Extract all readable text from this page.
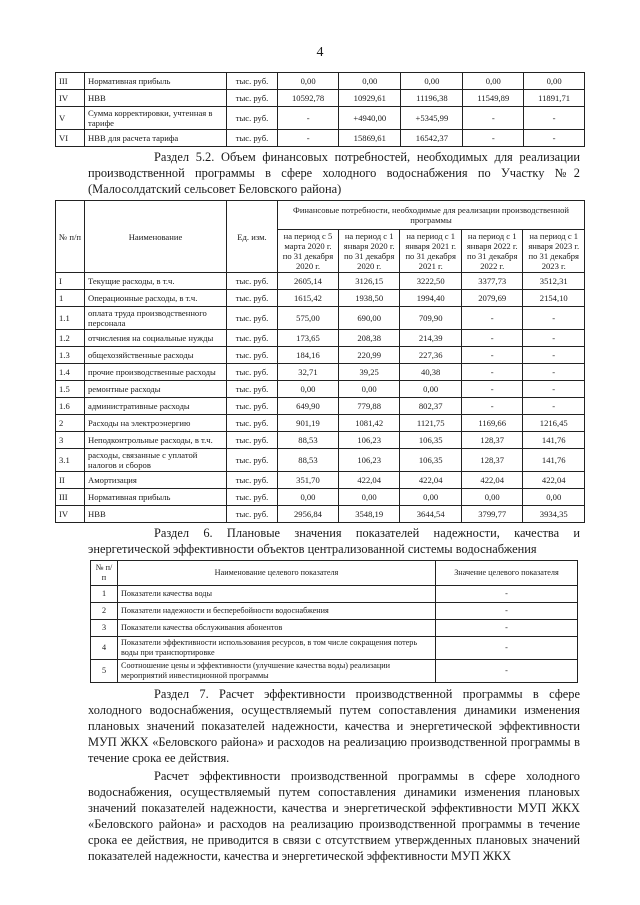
4
III	Нормативная прибыль	тыс. руб.	0,00	0,00	0,00	0,00	0,00
IV	НВВ	тыс. руб.	10592,78	10929,61	11196,38	11549,89	11891,71
V	Сумма корректировки, учтенная в тарифе	тыс. руб.	-	+4940,00	+5345,99	-	-
VI	НВВ для расчета тарифа	тыс. руб.	-	15869,61	16542,37	-	-
Раздел 5.2. Объем финансовых потребностей, необходимых для реализации производственной программы в сфере холодного водоснабжения по Участку №2 (Малосолдатский сельсовет Беловского района)
№ п/п	Наименование	Ед. изм.	Финансовые потребности, необходимые для реализации производственной программы				
			на период с 5 марта 2020 г. по 31 декабря 2020 г.	на период с 1 января 2020 г. по 31 декабря 2020 г.	на период с 1 января 2021 г. по 31 декабря 2021 г.	на период с 1 января 2022 г. по 31 декабря 2022 г.	на период с 1 января 2023 г. по 31 декабря 2023 г.
I	Текущие расходы, в т.ч.	тыс. руб.	2605,14	3126,15	3222,50	3377,73	3512,31
1	Операционные расходы, в т.ч.	тыс. руб.	1615,42	1938,50	1994,40	2079,69	2154,10
1.1	оплата труда производственного персонала	тыс. руб.	575,00	690,00	709,90	-	-
1.2	отчисления на социальные нужды	тыс. руб.	173,65	208,38	214,39	-	-
1.3	общехозяйственные расходы	тыс. руб.	184,16	220,99	227,36	-	-
1.4	прочие производственные расходы	тыс. руб.	32,71	39,25	40,38	-	-
1.5	ремонтные расходы	тыс. руб.	0,00	0,00	0,00	-	-
1.6	административные расходы	тыс. руб.	649,90	779,88	802,37	-	-
2	Расходы на электроэнергию	тыс. руб.	901,19	1081,42	1121,75	1169,66	1216,45
3	Неподконтрольные расходы, в т.ч.	тыс. руб.	88,53	106,23	106,35	128,37	141,76
3.1	расходы, связанные с уплатой налогов и сборов	тыс. руб.	88,53	106,23	106,35	128,37	141,76
II	Амортизация	тыс. руб.	351,70	422,04	422,04	422,04	422,04
III	Нормативная прибыль	тыс. руб.	0,00	0,00	0,00	0,00	0,00
IV	НВВ	тыс. руб.	2956,84	3548,19	3644,54	3799,77	3934,35
Раздел 6. Плановые значения показателей надежности, качества и энергетической эффективности объектов централизованной системы водоснабжения
№ п/п	Наименование целевого показателя	Значение целевого показателя
1	Показатели качества воды	-
2	Показатели надежности и бесперебойности водоснабжения	-
3	Показатели качества обслуживания абонентов	-
4	Показатели эффективности использования ресурсов, в том числе сокращения потерь воды при транспортировке	-
5	Соотношение цены и эффективности (улучшение качества воды) реализации мероприятий инвестиционной программы	-
Раздел 7. Расчет эффективности производственной программы в сфере холодного водоснабжения, осуществляемый путем сопоставления динамики изменения плановых значений показателей надежности, качества и энергетической эффективности МУП ЖКХ «Беловского района» и расходов на реализацию производственной программы в течение срока ее действия.
Расчет эффективности производственной программы в сфере холодного водоснабжения, осуществляемый путем сопоставления динамики изменения плановых значений показателей надежности, качества и энергетической эффективности МУП ЖКХ «Беловского района» и расходов на реализацию производственной программы в течение срока ее действия, не приводится в связи с отсутствием утвержденных плановых значений показателей надежности, качества и энергетической эффективности МУП ЖКХ
